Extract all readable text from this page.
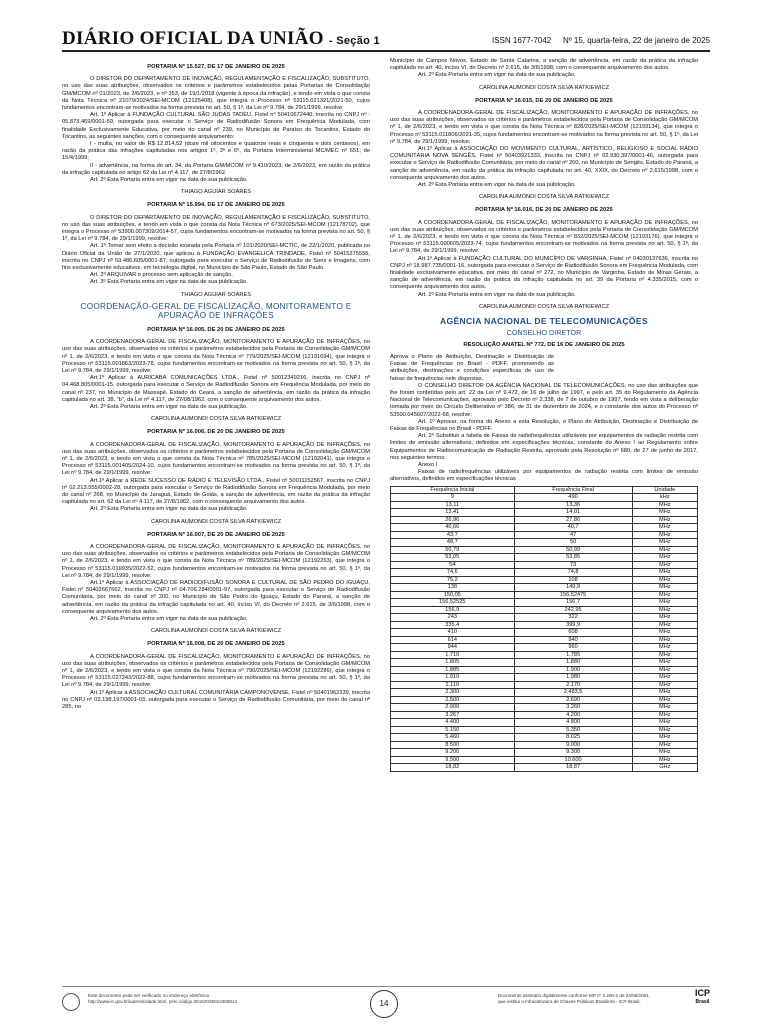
DIÁRIO OFICIAL DA UNIÃO - Seção 1	ISSN 1677-7042 Nº 15, quarta-feira, 22 de janeiro de 2025

PORTARIA Nº 15.527, DE 17 DE JANEIRO DE 2025

O DIRETOR DO DEPARTAMENTO DE INOVAÇÃO, REGULAMENTAÇÃO E FISCALIZAÇÃO, SUBSTITUTO, no uso das suas atribuições, observados os critérios e parâmetros estabelecidos pelas Portarias de Consolidação GM/MCOM nº 01/2023, de 2/6/2023, e nº 353, de 19/1/2018 (vigente à época da infração), e tendo em vista o que consta da Nota Técnica nº 21079/2024/SEI-MCOM (12125408), que integra o Processo nº 53115.021321/2021-50, cujos fundamentos encontram-se motivados na forma prevista no art. 50, § 1º, da Lei nº 9.784, de 29/1/1999, resolve:

Art. 1º Aplicar à FUNDAÇÃO CULTURAL SÃO JUDAS TADEU, Fistel nº 50410672440, inscrita no CNPJ nº : 05.873.469/0001-59, outorgada para executar o Serviço de Radiodifusão Sonora em Frequência Modulada, com finalidade Exclusivamente Educativa, por meio do canal nº 239, no Município de Paraíso do Tocantins, Estado do Tocantins, as seguintes sanções, com o consequente arquivamento:

I - multa, no valor de R$ 12.814,52 (doze mil oitocentos e quatorze reais e cinquenta e dois centavos), em razão da prática das infrações capituladas nos artigos 1º, 3º e 6º, da Portaria Interministerial MC/MEC nº 651, de 15/4/1999;

II - advertência, na forma do art. 34, da Portaria GM/MCOM nº 9.410/2023, de 2/6/2023, em razão da prática da infração capitulada no artigo 62 da Lei nº 4.117, de 27/8/1962.

Art. 2º Esta Portaria entra em vigor na data de sua publicação.

THIAGO AGUIAR SOARES

PORTARIA Nº 15.994, DE 17 DE JANEIRO DE 2025

O DIRETOR DO DEPARTAMENTO DE INOVAÇÃO, REGULAMENTAÇÃO E FISCALIZAÇÃO, SUBSTITUTO, no uso das suas atribuições, e tendo em vista o que consta da Nota Técnica nº 673/2025/SEI-MCOM (12178702), que integra o Processo nº 53900.007309/2014-57, cujos fundamentos encontram-se motivados na forma prevista no art. 50, § 1º, da Lei nº 9.784, de 29/1/1999, resolve:

Art. 1º Tornar sem efeito a decisão exarada pela Portaria nº 101/2020/SEI-MCTIC, de 22/1/2020, publicada no Diário Oficial da União de 27/1/2020, que aplicou à FUNDAÇÃO EVANGÉLICA TRINDADE, Fistel nº 50415275555, inscrita no CNPJ nº 59.486.605/0001-87, outorgada para executar o Serviço de Radiodifusão de Sons e Imagens, com fins exclusivamente educativos, em tecnologia digital, no Município de São Paulo, Estado de São Paulo.

Art. 2º ARQUIVAR o processo sem aplicação de sanção.

Art. 3º Esta Portaria entra em vigor na data de sua publicação.

THIAGO AGUIAR SOARES

COORDENAÇÃO-GERAL DE FISCALIZAÇÃO, MONITORAMENTO E APURAÇÃO DE INFRAÇÕES

PORTARIA Nº 16.005, DE 20 DE JANEIRO DE 2025

A COORDENADORA-GERAL DE FISCALIZAÇÃO, MONITORAMENTO E APURAÇÃO DE INFRAÇÕES, no uso das suas atribuições, observados os critérios e parâmetros estabelecidos pela Portaria de Consolidação GM/MCOM nº 1, de 2/6/2023, e tendo em vista o que consta da Nota Técnica nº 779/2025/SEI-MCOM (12191694), que integra o Processo nº 53115.001863/2023-78, cujos fundamentos encontram-se motivados na forma prevista no art. 50, § 1º, da Lei nº 9.784, de 29/1/1999, resolve:

Art.1º Aplicar à AURICABA COMUNICAÇÕES LTDA., Fistel nº 50012349216, inscrita no CNPJ nº 04.468.805/0001-15, outorgada para executar o Serviço de Radiodifusão Sonora em Frequência Modulada, por meio do canal nº 237, no Município de Massapê, Estado do Ceará, a sanção de advertência, em razão da prática da infração capitulada no art. 38, "b", da Lei nº 4.117, de 27/08/1962, com o consequente arquivamento dos autos.

Art. 2º Esta Portaria entra em vigor na data de sua publicação.

CAROLINA AUMONDI COSTA SILVA RATKIEWICZ

PORTARIA Nº 16.006, DE 20 DE JANEIRO DE 2025

A COORDENADORA-GERAL DE FISCALIZAÇÃO, MONITORAMENTO E APURAÇÃO DE INFRAÇÕES, no uso das suas atribuições, observados os critérios e parâmetros estabelecidos pela Portaria de Consolidação GM/MCOM nº 1, de 2/6/2023, e tendo em vista o que consta da Nota Técnica nº 785/2025/SEI-MCOM (12192041), que integra o Processo nº 53115.001405/2024-10, cujos fundamentos encontram-se motivados na forma prevista no art. 50, § 1º, da Lei nº 9.784, de 29/1/1999, resolve:

Art.1º Aplicar à REDE SUCESSO DE RÁDIO E TELEVISÃO LTDA., Fistel nº 50011152567, inscrita no CNPJ nº 02.213.555/0002-28, outorgada para executar o Serviço de Radiodifusão Sonora em Frequência Modulada, por meio do canal nº 268, no Município de Jaraguá, Estado de Goiás, a sanção de advertência, em razão da prática da infração capitulada no art. 62 da Lei nº 4.117, de 27/8/1962, com o consequente arquivamento dos autos.

Art. 2º Esta Portaria entra em vigor na data de sua publicação.

CAROLINA AUMONDI COSTA SILVA RATKIEWICZ

PORTARIA Nº 16.007, DE 20 DE JANEIRO DE 2025

A COORDENADORA-GERAL DE FISCALIZAÇÃO, MONITORAMENTO E APURAÇÃO DE INFRAÇÕES, no uso das suas atribuições, observados os critérios e parâmetros estabelecidos pela Portaria de Consolidação GM/MCOM nº 1, de 2/6/2023, e tendo em vista o que consta da Nota Técnica nº 789/2025/SEI-MCOM (12192263), que integra o Processo nº 53115.019935/2022-52, cujos fundamentos encontram-se motivados na forma prevista no art. 50, § 1º, da Lei nº 9.784, de 29/1/1999, resolve:

Art.1º Aplicar à ASSOCIAÇÃO DE RADIODIFUSÃO SONORA E CULTURAL DE SÃO PEDRO DO IGUAÇU, Fistel nº 50402667662, inscrita no CNPJ nº 04.706.284/0001-97, outorgada para executar o Serviço de Radiodifusão Comunitária, por meio do canal nº 200, no Município de São Pedro do Iguaçu, Estado do Paraná, a sanção de advertência, em razão da prática da infração capitulada no art. 40, inciso VI, do Decreto nº 2.615, de 3/6/1998, com o consequente arquivamento dos autos.

Art. 2º Esta Portaria entra em vigor na data de sua publicação.

CAROLINA AUMONDI COSTA SILVA RATKIEWICZ

PORTARIA Nº 16.008, DE 20 DE JANEIRO DE 2025

A COORDENADORA-GERAL DE FISCALIZAÇÃO, MONITORAMENTO E APURAÇÃO DE INFRAÇÕES, no uso das suas atribuições, observados os critérios e parâmetros estabelecidos pela Portaria de Consolidação GM/MCOM nº 1, de 2/6/2023, e tendo em vista o que consta da Nota Técnica nº 790/2025/SEI-MCOM (12192286), que integra o Processo nº 53115.027243/2022-88, cujos fundamentos encontram-se motivados na forma prevista no art. 50, § 1º, da Lei nº 9.784, de 29/1/1999, resolve:

Art.1º Aplicar à ASSOCIAÇÃO CULTURAL COMUNITÁRIA CAMPONOVENSE, Fistel nº 50401962339, inscrita no CNPJ nº 03.198.197/0001-03, outorgada para executar o Serviço de Radiodifusão Comunitária, por meio do canal nº 285, no

Município de Campos Novos, Estado de Santa Catarina, a sanção de advertência, em razão da prática da infração capitulada no art. 40, inciso VI, do Decreto nº 2.615, de 3/6/1998, com o consequente arquivamento dos autos.

Art. 2º Esta Portaria entra em vigor na data de sua publicação.

CAROLINA AUMONDI COSTA SILVA RATKIEWICZ

PORTARIA Nº 16.015, DE 20 DE JANEIRO DE 2025

A COORDENADORA-GERAL DE FISCALIZAÇÃO, MONITORAMENTO E APURAÇÃO DE INFRAÇÕES, no uso das suas atribuições, observados os critérios e parâmetros estabelecidos pela Portaria de Consolidação GM/MCOM nº 1, de 2/6/2023, e tendo em vista o que consta da Nota Técnica nº 828/2025/SEI-MCOM (12193134), que integra o Processo nº 53115.011806/2021-35, cujos fundamentos encontram-se motivados na forma prevista no art. 50, § 1º, da Lei nº 9.784, de 29/1/1999, resolve:

Art.1º Aplicar à ASSOCIAÇÃO DO MOVIMENTO CULTURAL, ARTÍSTICO, RELIGIOSO E SOCIAL RÁDIO COMUNITÁRIA NOVA SENGÊS, Fistel nº 50403921333, inscrita no CNPJ nº 02.930.397/0001-46, outorgada para executar o Serviço de Radiodifusão Comunitária, por meio do canal nº 200, no Município de Sengês, Estado do Paraná, a sanção de advertência, em razão da prática da infração capitulada no art. 40, XXIX, do Decreto nº 2.615/1998, com o consequente arquivamento dos autos.

Art. 2º Esta Portaria entra em vigor na data de sua publicação.

CAROLINA AUMONDI COSTA SILVA RATKIEWICZ

PORTARIA Nº 16.016, DE 20 DE JANEIRO DE 2025

A COORDENADORA-GERAL DE FISCALIZAÇÃO, MONITORAMENTO E APURAÇÃO DE INFRAÇÕES, no uso das suas atribuições, observados os critérios e parâmetros estabelecidos pela Portaria de Consolidação GM/MCOM nº 1, de 2/6/2023, e tendo em vista o que consta da Nota Técnica nº 832/2025/SEI-MCOM (12193176), que integra o Processo nº 53115.000605/2023-74, cujos fundamentos encontram-se motivados na forma prevista no art. 50, § 1º, da Lei nº 9.784, de 29/1/1999, resolve:

Art.1º Aplicar à FUNDAÇÃO CULTURAL DO MUNICÍPIO DE VARGINHA, Fistel nº 04030137636, inscrita no CNPJ nº 18.987.735/0001-16, outorgada para executar o Serviço de Radiodifusão Sonora em Frequência Modulada, com finalidade exclusivamente educativa, por meio do canal nº 272, no Município de Varginha, Estado de Minas Gerais, a sanção de advertência, em razão da prática da infração capitulada no art. 39 da Portaria nº 4.335/2015, com o consequente arquivamento dos autos.

Art. 2º Esta Portaria entra em vigor na data de sua publicação.

CAROLINA AUMONDI COSTA SILVA RATKIEWICZ

AGÊNCIA NACIONAL DE TELECOMUNICAÇÕES
CONSELHO DIRETOR

RESOLUÇÃO ANATEL Nº 772, DE 16 DE JANEIRO DE 2025

Aprova o Plano de Atribuição, Destinação e Distribuição de Faixas de Frequências no Brasil - PDFF, promovendo as atribuições, destinações e condições específicas de uso de faixas de frequências nele dispostas.

O CONSELHO DIRETOR DA AGÊNCIA NACIONAL DE TELECOMUNICAÇÕES, no uso das atribuições que lhe foram conferidas pelo art. 22 da Lei nº 9.472, de 16 de julho de 1997, e pelo art. 35 do Regulamento da Agência Nacional de Telecomunicações, aprovado pelo Decreto nº 2.338, de 7 de outubro de 1997, tendo em vista a deliberação tomada por meio do Circuito Deliberativo nº 386, de 31 de dezembro de 2024, e o constante dos autos do Processo nº 53500.045607/2022-68, resolve:

Art. 1º Aprovar, na forma do Anexo a esta Resolução, o Plano de Atribuição, Destinação e Distribuição de Faixas de Frequências no Brasil - PDFF.

Art. 2º Substituir a tabela de Faixas de radiofrequências utilizáveis por equipamentos de radiação restrita com limites de emissão alternativos, definidos em especificações técnicas, constante do Anexo I ao Regulamento sobre Equipamentos de Radiocomunicação de Radiação Restrita, aprovado pela Resolução nº 680, de 27 de junho de 2017, nos seguintes termos:

Anexo I

Faixas de radiofrequências utilizáveis por equipamentos de radiação restrita com limites de emissão alternativos, definidos em especificações técnicas

Frequência Inicial	Frequência Final	Unidade
9	490	kHz
13,11	13,36	MHz
13,41	14,01	MHz
26,96	27,86	MHz
40,66	40,7	MHz
43,7	47	MHz
48,7	50	MHz
50,79	50,99	MHz
53,05	53,85	MHz
54	73	MHz
74,6	74,8	MHz
75,2	108	MHz
138	149,9	MHz
150,05	156,52475	MHz
156,52525	156,7	MHz
156,9	242,95	MHz
243	322	MHz
335,4	399,9	MHz
410	608	MHz
614	940	MHz
944	960	MHz
1.710	1.785	MHz
1.805	1.880	MHz
1.885	1.900	MHz
1.910	1.980	MHz
2.110	2.170	MHz
2.300	2.483,5	MHz
2.500	2.690	MHz
2.900	3.260	MHz
3.267	4.200	MHz
4.400	4.800	MHz
5.150	5.350	MHz
5.460	8.025	MHz
8.500	9.000	MHz
9.200	9.300	MHz
9.500	10.600	MHz
18,82	18,87	GHz
Este documento pode ser verificado no endereço eletrônico
http://www.in.gov.br/autenticidade.html, pelo código 05152025012200014	14
Documento assinado digitalmente conforme MP nº 2.200-2 de 24/08/2001,
que institui a Infraestrutura de Chaves Públicas Brasileira - ICP-Brasil.
ICP
Brasil
